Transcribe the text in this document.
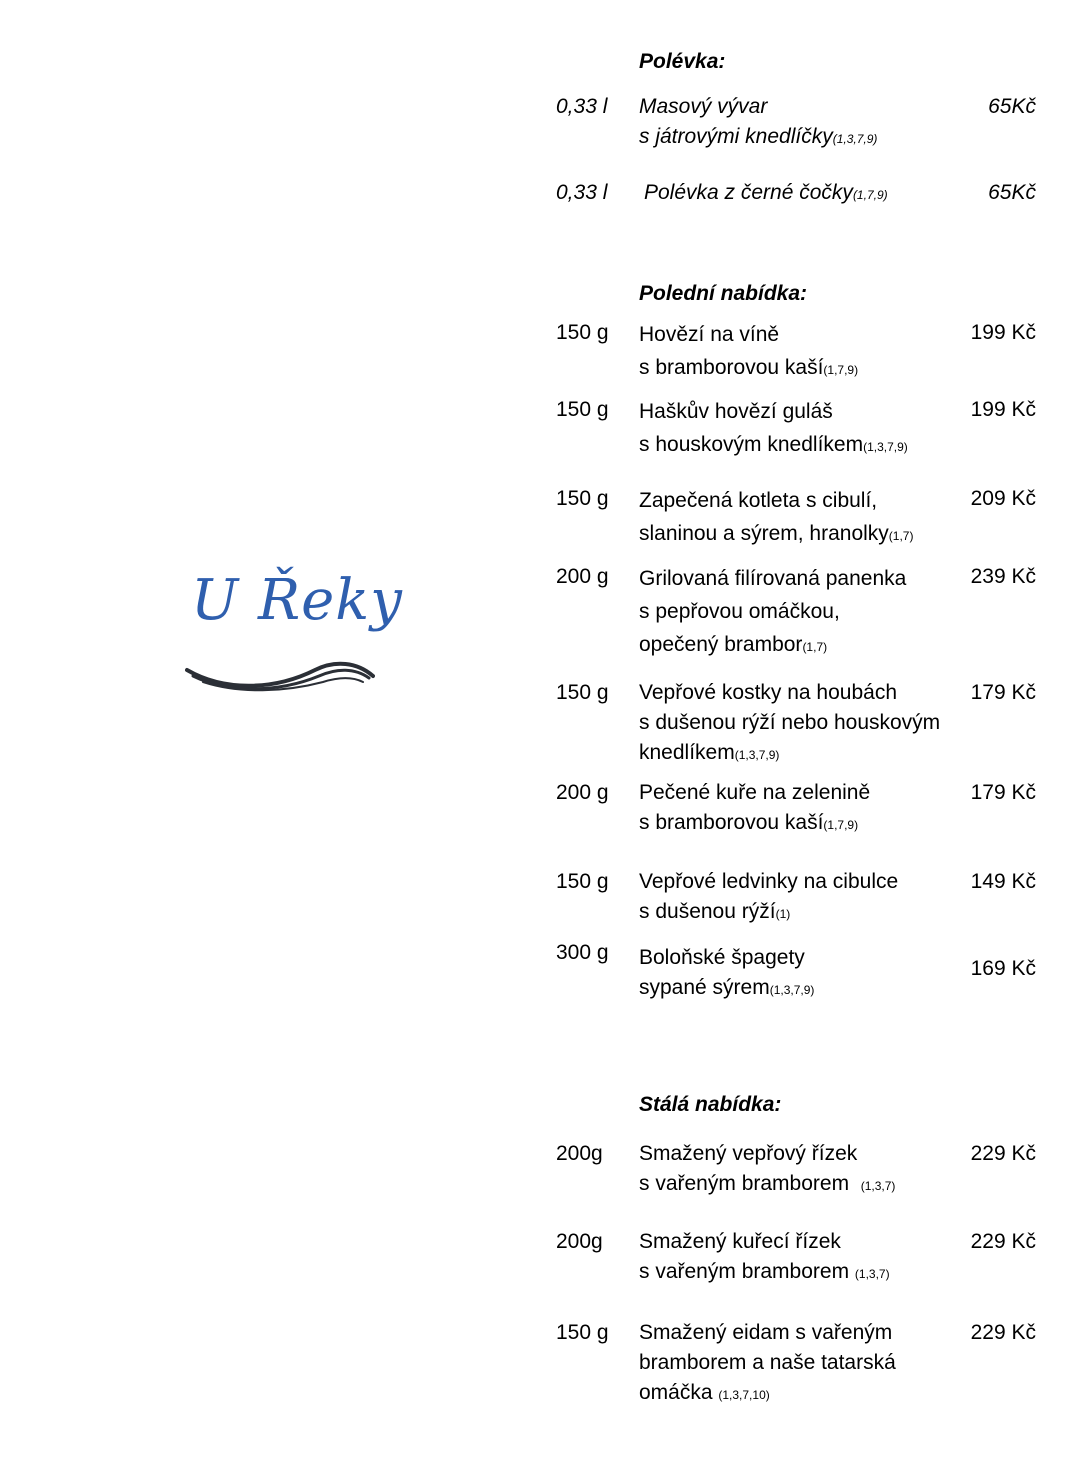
U Řeky
Polévka:
0,33 l Masový vývar
s játrovými knedlíčky(1,3,7,9)
65Kč
0,33 l Polévka z černé čočky(1,7,9)	65Kč
Polední nabídka:
150 g Hovězí na víně
s bramborovou kaší(1,7,9)
199 Kč
150 g Haškův hovězí guláš
s houskovým knedlíkem(1,3,7,9)
199 Kč
150 g Zapečená kotleta s cibulí,
slaninou a sýrem, hranolky(1,7)
209 Kč
200 g Grilovaná filírovaná panenka
s pepřovou omáčkou,
opečený brambor(1,7)
239 Kč
150 g Vepřové kostky na houbách
s dušenou rýží nebo houskovým
knedlíkem(1,3,7,9)
179 Kč
200 g Pečené kuře na zelenině
s bramborovou kaší(1,7,9)
179 Kč
150 g Vepřové ledvinky na cibulce
s dušenou rýží(1)
149 Kč
300 g Boloňské špagety
sypané sýrem(1,3,7,9)
169 Kč
Stálá nabídka:
200g Smažený vepřový řízek
s vařeným bramborem (1,3,7)
229 Kč
200g Smažený kuřecí řízek
s vařeným bramborem (1,3,7)
229 Kč
150 g Smažený eidam s vařeným
bramborem a naše tatarská
omáčka (1,3,7,10)
229 Kč
